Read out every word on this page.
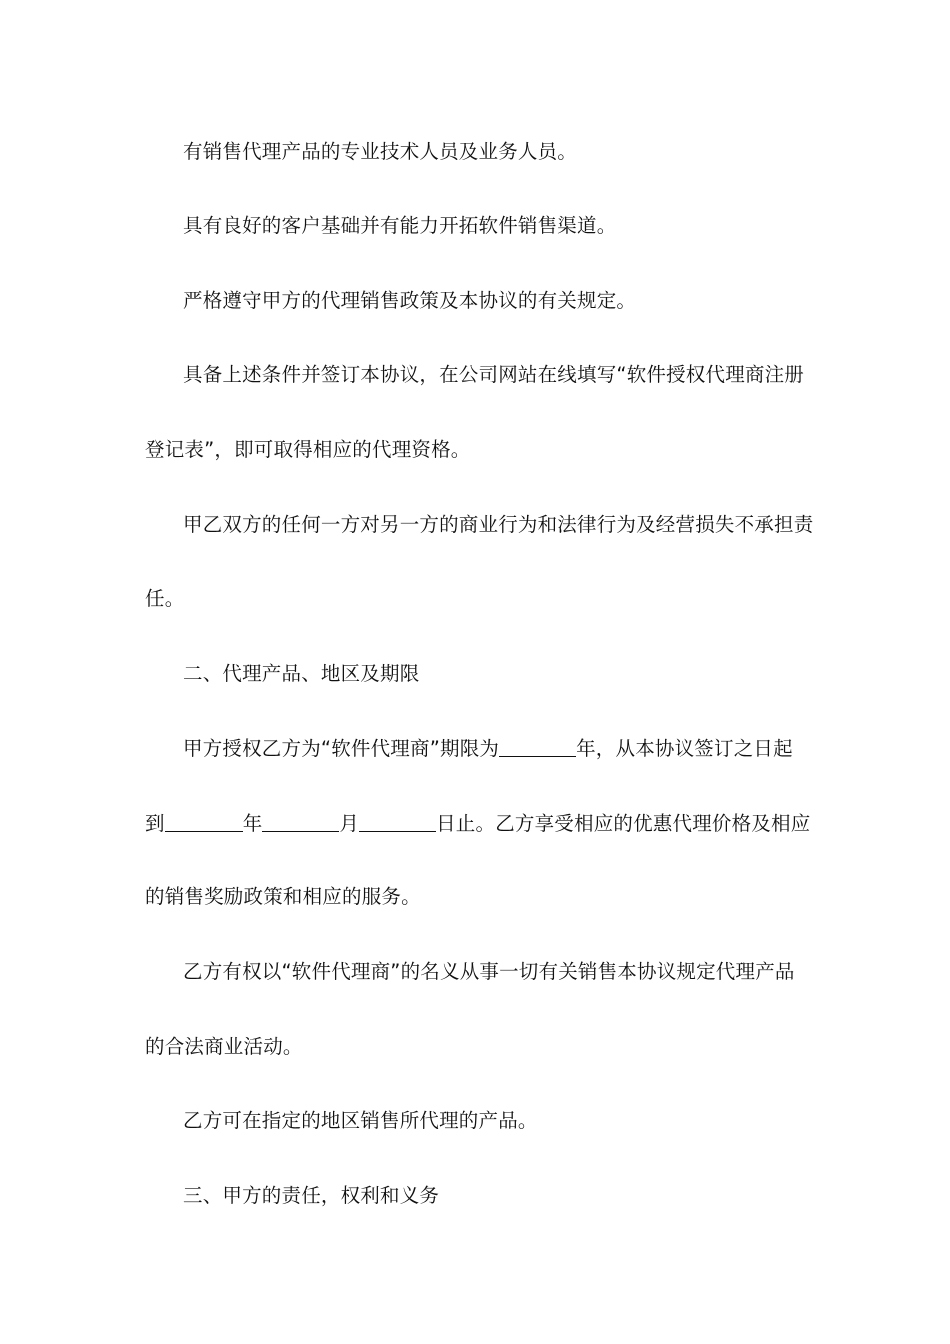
有销售代理产品的专业技术人员及业务人员。
具有良好的客户基础并有能力开拓软件销售渠道。
严格遵守甲方的代理销售政策及本协议的有关规定。
具备上述条件并签订本协议，在公司网站在线填写“软件授权代理商注册
登记表”，即可取得相应的代理资格。
甲乙双方的任何一方对另一方的商业行为和法律行为及经营损失不承担责
任。
二、代理产品、地区及期限
甲方授权乙方为“软件代理商”期限为	年，从本协议签订之日起
到	年	月	日止。乙方享受相应的优惠代理价格及相应
的销售奖励政策和相应的服务。
乙方有权以“软件代理商”的名义从事一切有关销售本协议规定代理产品
的合法商业活动。
乙方可在指定的地区销售所代理的产品。
三、甲方的责任，权利和义务
